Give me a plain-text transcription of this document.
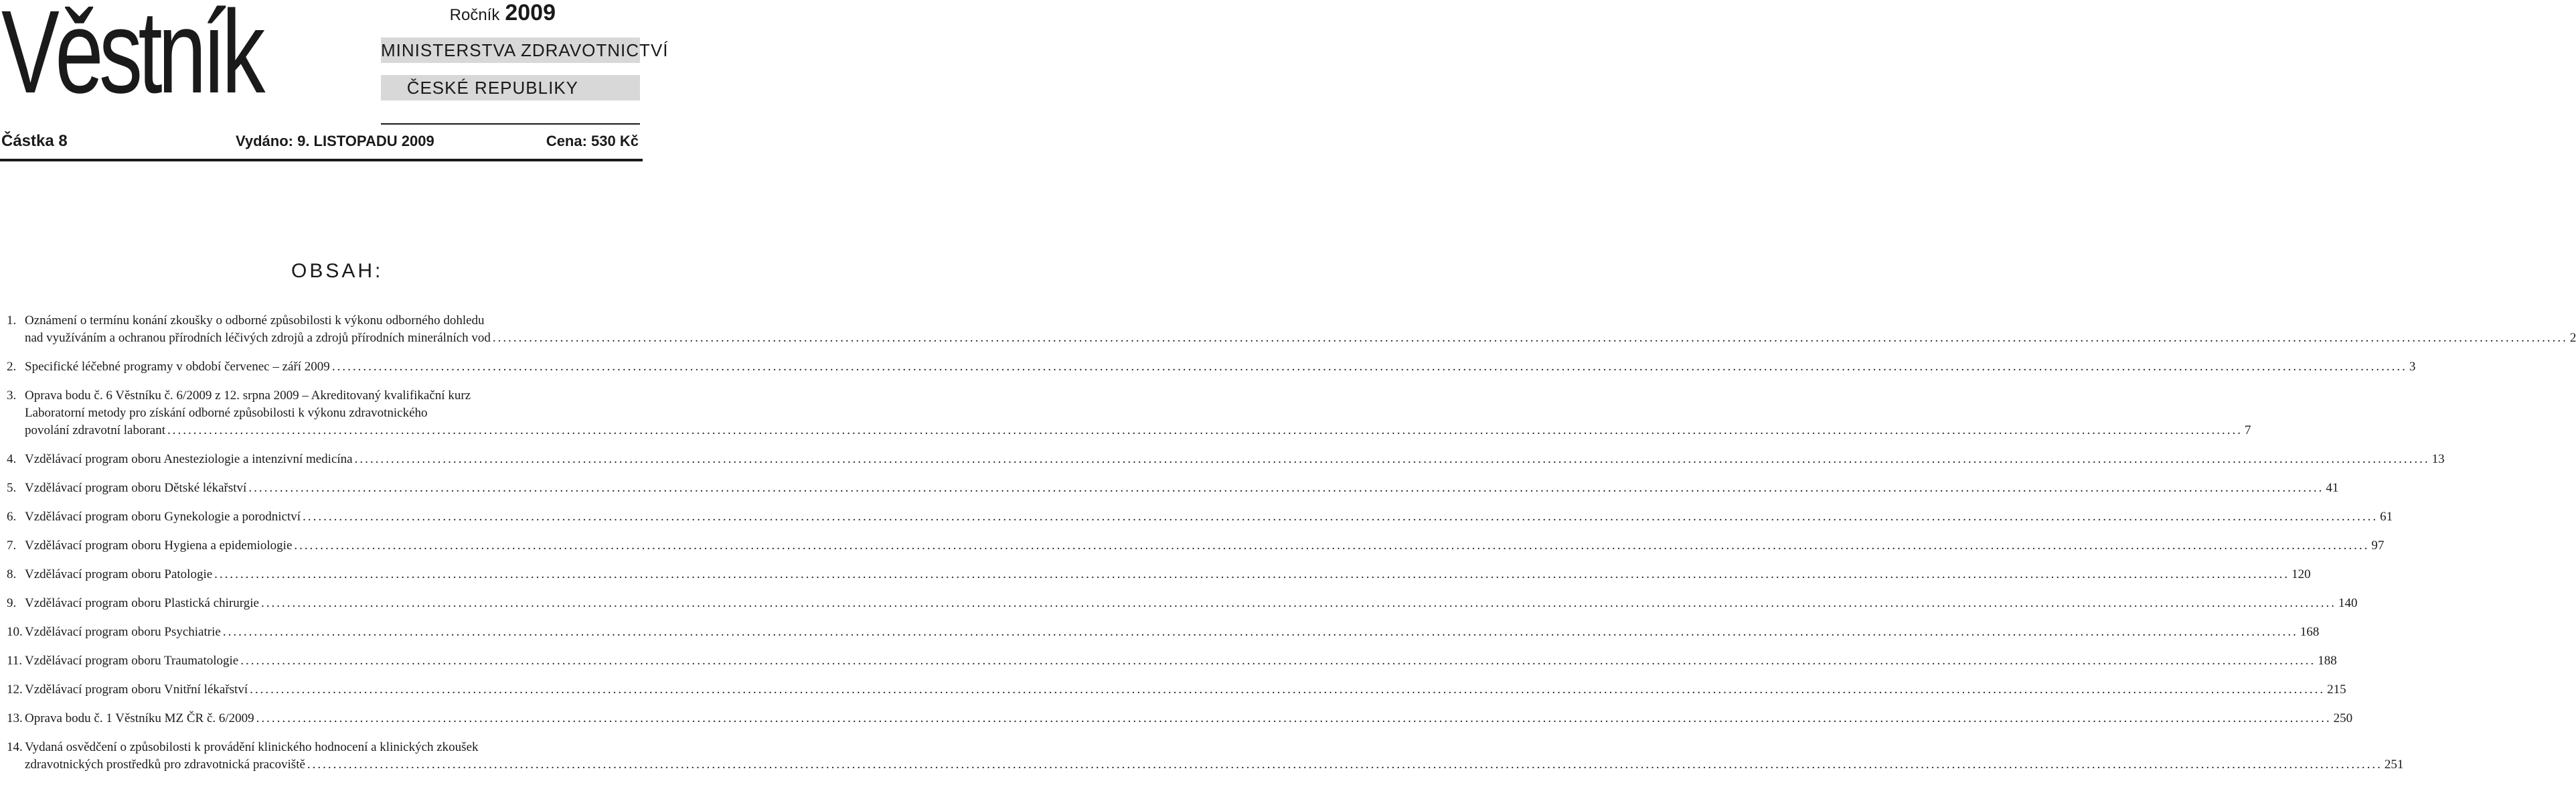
Věstník	Ročník 2009
MINISTERSTVA ZDRAVOTNICTVÍ
ČESKÉ REPUBLIKY
Částka 8	Vydáno: 9. LISTOPADU 2009	Cena: 530 Kč
OBSAH:
1. Oznámení o termínu konání zkoušky o odborné způsobilosti k výkonu odborného dohledu
nad využíváním a ochranou přírodních léčivých zdrojů a zdrojů přírodních minerálních vod ................................................................................................................................................................................................................................................................................................................................................................................................................ 2
2. Specifické léčebné programy v období červenec – září 2009 ................................................................................................................................................................................................................................................................................................................................................................................................................ 3
3. Oprava bodu č. 6 Věstníku č. 6/2009 z 12. srpna 2009 – Akreditovaný kvalifikační kurz
Laboratorní metody pro získání odborné způsobilosti k výkonu zdravotnického
povolání zdravotní laborant ................................................................................................................................................................................................................................................................................................................................................................................................................ 7
4. Vzdělávací program oboru Anesteziologie a intenzivní medicína ................................................................................................................................................................................................................................................................................................................................................................................................................ 13
5. Vzdělávací program oboru Dětské lékařství ................................................................................................................................................................................................................................................................................................................................................................................................................ 41
6. Vzdělávací program oboru Gynekologie a porodnictví ................................................................................................................................................................................................................................................................................................................................................................................................................ 61
7. Vzdělávací program oboru Hygiena a epidemiologie ................................................................................................................................................................................................................................................................................................................................................................................................................ 97
8. Vzdělávací program oboru Patologie ................................................................................................................................................................................................................................................................................................................................................................................................................ 120
9. Vzdělávací program oboru Plastická chirurgie ................................................................................................................................................................................................................................................................................................................................................................................................................ 140
10. Vzdělávací program oboru Psychiatrie ................................................................................................................................................................................................................................................................................................................................................................................................................ 168
11. Vzdělávací program oboru Traumatologie ................................................................................................................................................................................................................................................................................................................................................................................................................ 188
12. Vzdělávací program oboru Vnitřní lékařství ................................................................................................................................................................................................................................................................................................................................................................................................................ 215
13. Oprava bodu č. 1 Věstníku MZ ČR č. 6/2009 ................................................................................................................................................................................................................................................................................................................................................................................................................ 250
14. Vydaná osvědčení o způsobilosti k provádění klinického hodnocení a klinických zkoušek
zdravotnických prostředků pro zdravotnická pracoviště ................................................................................................................................................................................................................................................................................................................................................................................................................ 251
